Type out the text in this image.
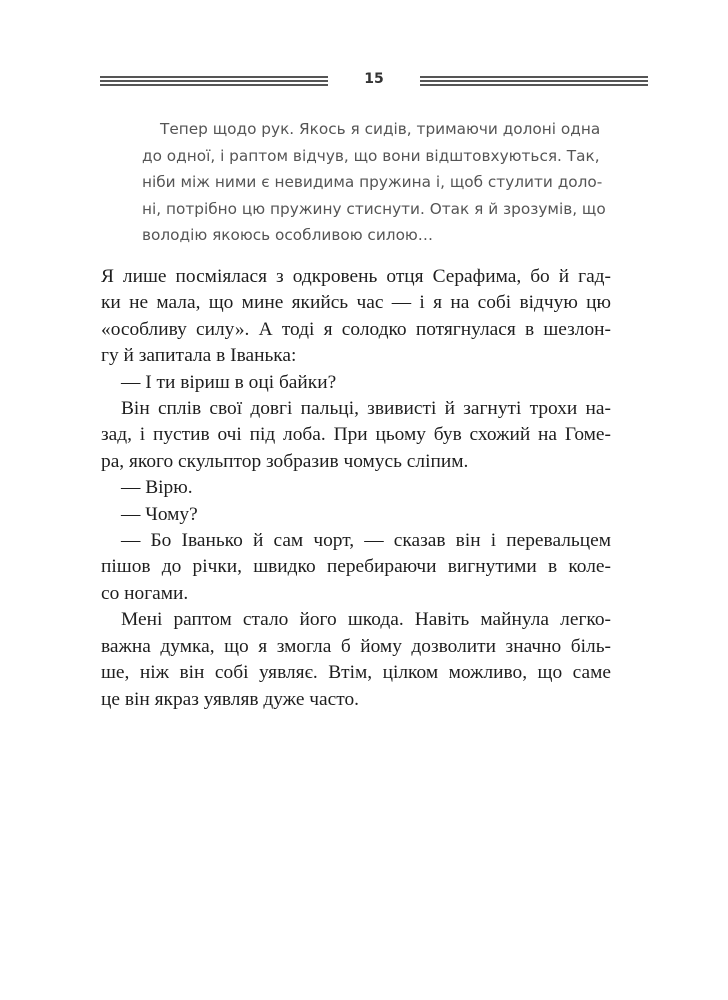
15
Тепер щодо рук. Якось я сидів, тримаючи долоні одна
до одної, і раптом відчув, що вони відштовхуються. Так,
ніби між ними є невидима пружина і, щоб стулити доло-
ні, потрібно цю пружину стиснути. Отак я й зрозумів, що
володію якоюсь особливою силою…
Я лише посміялася з одкровень отця Серафима, бо й гад-
ки не мала, що мине якийсь час — і я на собі відчую цю
«особливу силу». А тоді я солодко потягнулася в шезлон-
гу й запитала в Іванька:
— І ти віриш в оці байки?
Він сплів свої довгі пальці, звивисті й загнуті трохи на-
зад, і пустив очі під лоба. При цьому був схожий на Гоме-
ра, якого скульптор зобразив чомусь сліпим.
— Вірю.
— Чому?
— Бо Іванько й сам чорт, — сказав він і перевальцем
пішов до річки, швидко перебираючи вигнутими в коле-
со ногами.
Мені раптом стало його шкода. Навіть майнула легко-
важна думка, що я змогла б йому дозволити значно біль-
ше, ніж він собі уявляє. Втім, цілком можливо, що саме
це він якраз уявляв дуже часто.
